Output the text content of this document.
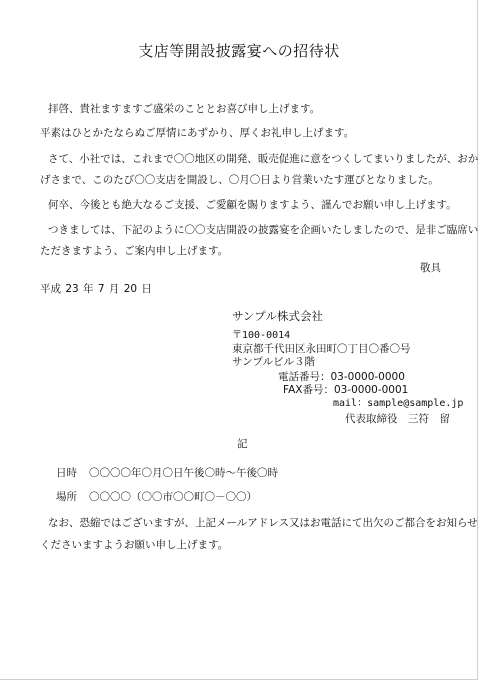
支店等開設披露宴への招待状
拝啓、貴社ますますご盛栄のこととお喜び申し上げます。
平素はひとかたならぬご厚情にあずかり、厚くお礼申し上げます。
さて、小社では、これまで〇〇地区の開発、販売促進に意をつくしてまいりましたが、おか
げさまで、このたび〇〇支店を開設し、〇月〇日より営業いたす運びとなりました。
何卒、今後とも絶大なるご支援、ご愛顧を賜りますよう、謹んでお願い申し上げます。
つきましては、下記のように〇〇支店開設の披露宴を企画いたしましたので、是非ご臨席い
ただきますよう、ご案内申し上げます。
敬具
平成 23 年 7 月 20 日
サンプル株式会社
〒100-0014
東京都千代田区永田町〇丁目〇番〇号
サンプルビル３階
電話番号：03-0000-0000
FAX番号：03-0000-0001
mail：sample@sample.jp
代表取締役　三符　留
記
日時 〇〇〇〇年〇月〇日午後〇時～午後〇時
場所 〇〇〇〇（〇〇市〇〇町〇－〇〇）
なお、恐縮ではございますが、上記メールアドレス又はお電話にて出欠のご都合をお知らせ
くださいますようお願い申し上げます。
